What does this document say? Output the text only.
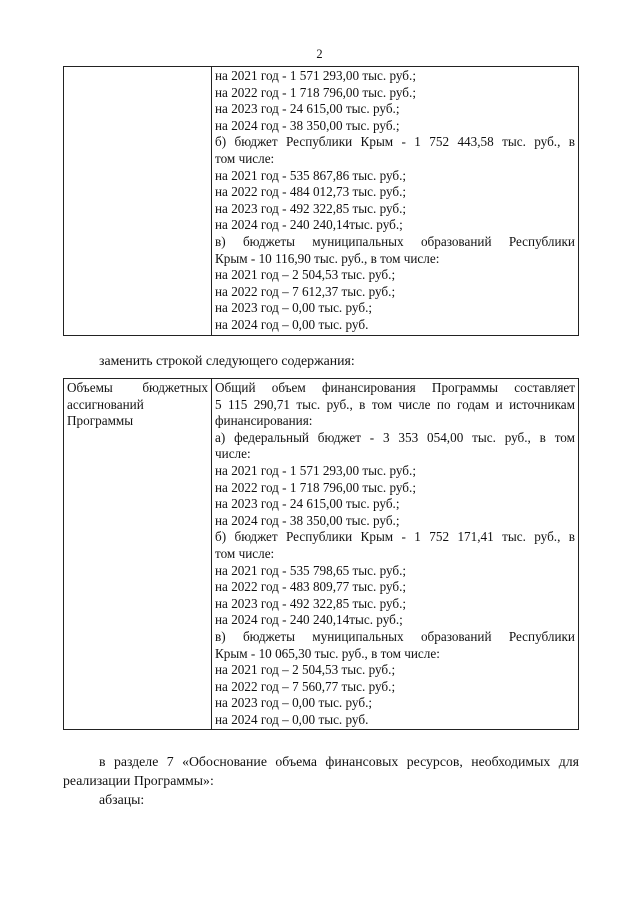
2

на 2021 год - 1 571 293,00 тыс. руб.;
на 2022 год - 1 718 796,00 тыс. руб.;
на 2023 год - 24 615,00 тыс. руб.;
на 2024 год - 38 350,00 тыс. руб.;
б) бюджет Республики Крым - 1 752 443,58 тыс. руб., в
том числе:
на 2021 год - 535 867,86 тыс. руб.;
на 2022 год - 484 012,73 тыс. руб.;
на 2023 год - 492 322,85 тыс. руб.;
на 2024 год - 240 240,14тыс. руб.;
в) бюджеты муниципальных образований Республики
Крым - 10 116,90 тыс. руб., в том числе:
на 2021 год – 2 504,53 тыс. руб.;
на 2022 год – 7 612,37 тыс. руб.;
на 2023 год – 0,00 тыс. руб.;
на 2024 год – 0,00 тыс. руб.
заменить строкой следующего содержания:
Объемы бюджетных
ассигнований
Программы

Общий объем финансирования Программы составляет
5 115 290,71 тыс. руб., в том числе по годам и источникам
финансирования:
а) федеральный бюджет - 3 353 054,00 тыс. руб., в том
числе:
на 2021 год - 1 571 293,00 тыс. руб.;
на 2022 год - 1 718 796,00 тыс. руб.;
на 2023 год - 24 615,00 тыс. руб.;
на 2024 год - 38 350,00 тыс. руб.;
б) бюджет Республики Крым - 1 752 171,41 тыс. руб., в
том числе:
на 2021 год - 535 798,65 тыс. руб.;
на 2022 год - 483 809,77 тыс. руб.;
на 2023 год - 492 322,85 тыс. руб.;
на 2024 год - 240 240,14тыс. руб.;
в) бюджеты муниципальных образований Республики
Крым - 10 065,30 тыс. руб., в том числе:
на 2021 год – 2 504,53 тыс. руб.;
на 2022 год – 7 560,77 тыс. руб.;
на 2023 год – 0,00 тыс. руб.;
на 2024 год – 0,00 тыс. руб.
в разделе 7 «Обоснование объема финансовых ресурсов, необходимых для
реализации Программы»:
абзацы:
